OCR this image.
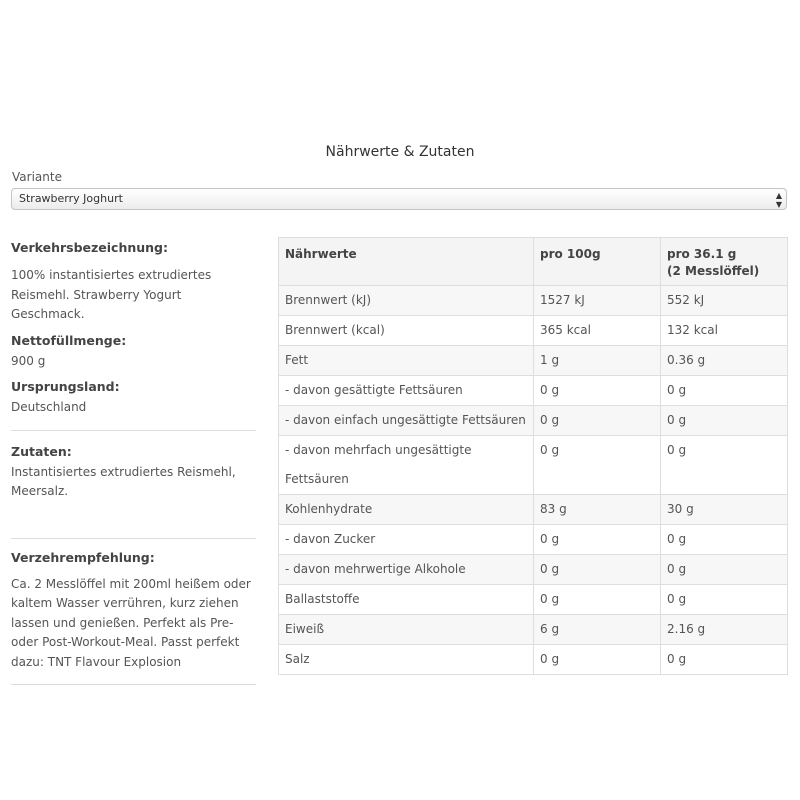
Nährwerte & Zutaten
Variante
Strawberry Joghurt	▲
▼
Verkehrsbezeichnung:
100% instantisiertes extrudiertes Reismehl. Strawberry Yogurt Geschmack.
Nettofüllmenge:
900 g
Ursprungsland:
Deutschland
Zutaten:
Instantisiertes extrudiertes Reismehl, Meersalz.
Verzehrempfehlung:
Ca. 2 Messlöffel mit 200ml heißem oder kaltem Wasser verrühren, kurz ziehen lassen und genießen. Perfekt als Pre- oder Post-Workout-Meal. Passt perfekt dazu: TNT Flavour Explosion
Nährwerte	pro 100g	pro 36.1 g
(2 Messlöffel)
Brennwert (kJ)	1527 kJ	552 kJ
Brennwert (kcal)	365 kcal	132 kcal
Fett	1 g	0.36 g
- davon gesättigte Fettsäuren	0 g	0 g
- davon einfach ungesättigte Fettsäuren	0 g	0 g
- davon mehrfach ungesättigte Fettsäuren	0 g	0 g
Kohlenhydrate	83 g	30 g
- davon Zucker	0 g	0 g
- davon mehrwertige Alkohole	0 g	0 g
Ballaststoffe	0 g	0 g
Eiweiß	6 g	2.16 g
Salz	0 g	0 g
